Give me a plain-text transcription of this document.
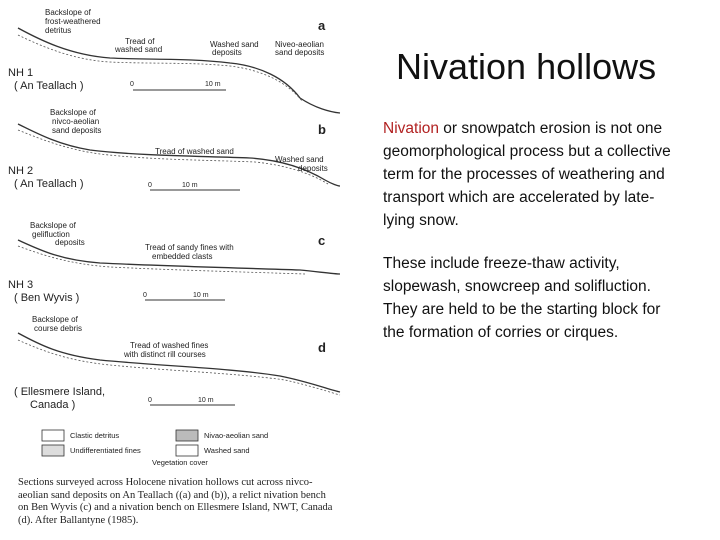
Backslope of
frost-weathered
detritus
Tread of
washed sand
Washed sand
deposits
Niveo-aeolian
sand deposits
a
NH 1
( An Teallach )	0	10 m
Backslope of
nivco-aeolian
sand deposits
Tread of washed sand
Washed sand
deposits
b
NH 2
( An Teallach )	0	10 m
Backslope of
gelifluction
deposits
Tread of sandy fines with
embedded clasts
c
NH 3
( Ben Wyvis )	0	10 m
Backslope of
course debris
Tread of washed fines
with distinct rill courses	d
( Ellesmere Island,
Canada )	0	10 m
Clastic detritus
Undifferentiated fines
Vegetation cover
Nivao-aeolian sand
Washed sand
Sections surveyed across Holocene nivation hollows cut across nivco-aeolian sand deposits on An Teallach ((a) and (b)), a relict nivation bench on Ben Wyvis (c) and a nivation bench on Ellesmere Island, NWT, Canada (d). After Ballantyne (1985).
Nivation hollows

Nivation or snowpatch erosion is not one geomorphological process but a collective term for the processes of weathering and transport which are accelerated by late-lying snow.

These include freeze-thaw activity, slopewash, snowcreep and solifluction. They are held to be the starting block for the formation of corries or cirques.
